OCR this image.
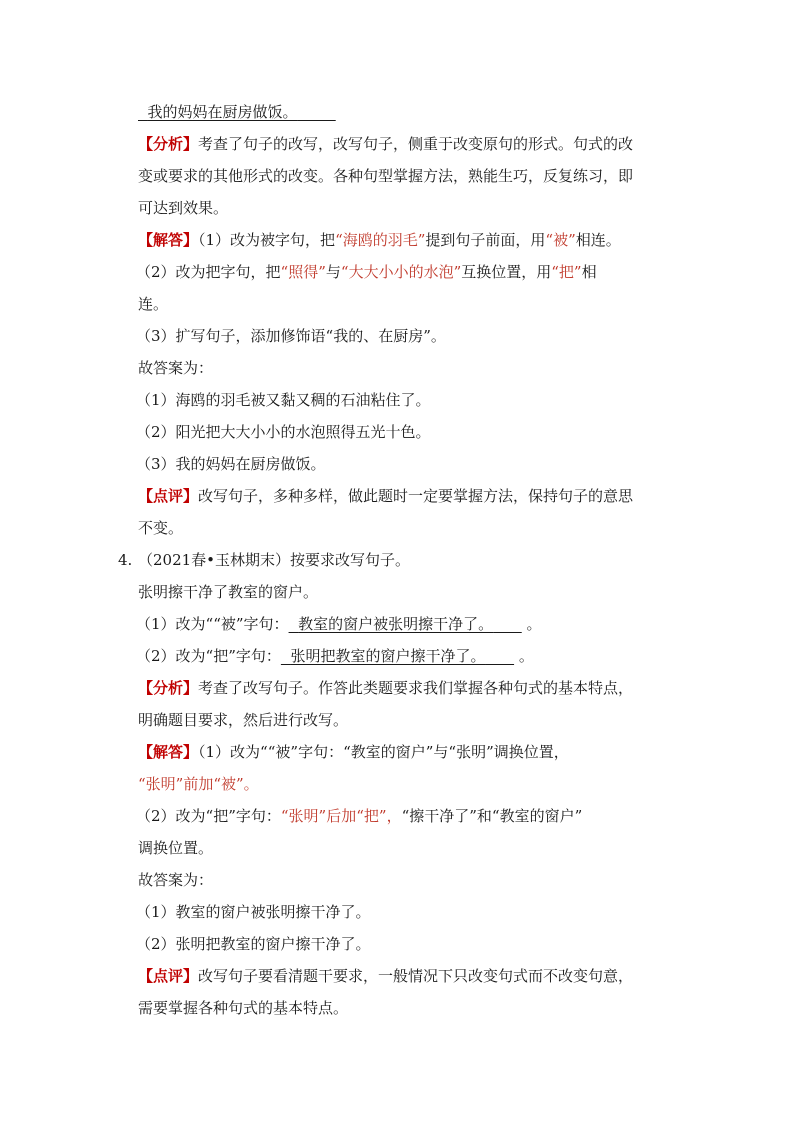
我的妈妈在厨房做饭。
【分析】考查了句子的改写，改写句子，侧重于改变原句的形式。句式的改
变或要求的其他形式的改变。各种句型掌握方法，熟能生巧，反复练习，即
可达到效果。
【解答】（1）改为被字句，把“海鸥的羽毛”提到句子前面，用“被”相连。
（2）改为把字句，把“照得”与“大大小小的水泡”互换位置，用“把”相
连。
（3）扩写句子，添加修饰语“我的、在厨房”。
故答案为：
（1）海鸥的羽毛被又黏又稠的石油粘住了。
（2）阳光把大大小小的水泡照得五光十色。
（3）我的妈妈在厨房做饭。
【点评】改写句子，多种多样，做此题时一定要掌握方法，保持句子的意思
不变。
4. （2021春•玉林期末）按要求改写句子。
张明擦干净了教室的窗户。
（1）改为““被”字句： 教室的窗户被张明擦干净了。 。
（2）改为“把”字句： 张明把教室的窗户擦干净了。 。
【分析】考查了改写句子。作答此类题要求我们掌握各种句式的基本特点，
明确题目要求，然后进行改写。
【解答】（1）改为““被”字句：“教室的窗户”与“张明”调换位置，
“张明”前加“被”。
（2）改为“把”字句：“张明”后加“把”，“擦干净了”和“教室的窗户”
调换位置。
故答案为：
（1）教室的窗户被张明擦干净了。
（2）张明把教室的窗户擦干净了。
【点评】改写句子要看清题干要求，一般情况下只改变句式而不改变句意，
需要掌握各种句式的基本特点。
